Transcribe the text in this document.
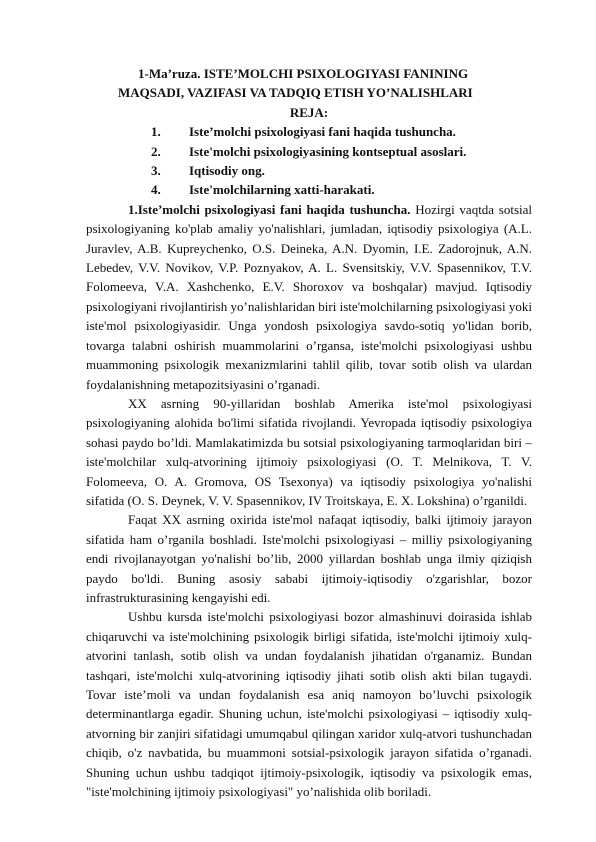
1-Ma’ruza. ISTE’MOLCHI PSIXOLOGIYASI FANINING
MAQSADI, VAZIFASI VA TADQIQ ETISH YO’NALISHLARI
REJA:
1.	Iste’molchi psixologiyasi fani haqida tushuncha.
2.	Iste'molchi psixologiyasining kontseptual asoslari.
3.	Iqtisodiy ong.
4.	Iste'molchilarning xatti-harakati.

1.Iste’molchi psixologiyasi fani haqida tushuncha. Hozirgi vaqtda sotsial psixologiyaning ko'plab amaliy yo'nalishlari, jumladan, iqtisodiy psixologiya (A.L. Juravlev, A.B. Kupreychenko, O.S. Deineka, A.N. Dyomin, I.E. Zadorojnuk, A.N. Lebedev, V.V. Novikov, V.P. Poznyakov, A. L. Svensitskiy, V.V. Spasennikov, T.V. Folomeeva, V.A. Xashchenko, E.V. Shoroxov va boshqalar) mavjud. Iqtisodiy psixologiyani rivojlantirish yo’nalishlaridan biri iste'molchilarning psixologiyasi yoki iste'mol psixologiyasidir. Unga yondosh psixologiya savdo-sotiq yo'lidan borib, tovarga talabni oshirish muammolarini o’rgansa, iste'molchi psixologiyasi ushbu muammoning psixologik mexanizmlarini tahlil qilib, tovar sotib olish va ulardan foydalanishning metapozitsiyasini o’rganadi.

XX asrning 90-yillaridan boshlab Amerika iste'mol psixologiyasi psixologiyaning alohida bo'limi sifatida rivojlandi. Yevropada iqtisodiy psixologiya sohasi paydo bo’ldi. Mamlakatimizda bu sotsial psixologiyaning tarmoqlaridan biri – iste'molchilar xulq-atvorining ijtimoiy psixologiyasi (O. T. Melnikova, T. V. Folomeeva, O. A. Gromova, OS Tsexonya) va iqtisodiy psixologiya yo'nalishi sifatida (O. S. Deynek, V. V. Spasennikov, IV Troitskaya, E. X. Lokshina) o’rganildi.

Faqat XX asrning oxirida iste'mol nafaqat iqtisodiy, balki ijtimoiy jarayon sifatida ham o’rganila boshladi. Iste'molchi psixologiyasi – milliy psixologiyaning endi rivojlanayotgan yo'nalishi bo’lib, 2000 yillardan boshlab unga ilmiy qiziqish paydo bo'ldi. Buning asosiy sababi ijtimoiy-iqtisodiy o'zgarishlar, bozor infrastrukturasining kengayishi edi.

Ushbu kursda iste'molchi psixologiyasi bozor almashinuvi doirasida ishlab chiqaruvchi va iste'molchining psixologik birligi sifatida, iste'molchi ijtimoiy xulq-atvorini tanlash, sotib olish va undan foydalanish jihatidan o'rganamiz. Bundan tashqari, iste'molchi xulq-atvorining iqtisodiy jihati sotib olish akti bilan tugaydi. Tovar iste’moli va undan foydalanish esa aniq namoyon bo’luvchi psixologik determinantlarga egadir. Shuning uchun, iste'molchi psixologiyasi – iqtisodiy xulq-atvorning bir zanjiri sifatidagi umumqabul qilingan xaridor xulq-atvori tushunchadan chiqib, o'z navbatida, bu muammoni sotsial-psixologik jarayon sifatida o’rganadi. Shuning uchun ushbu tadqiqot ijtimoiy-psixologik, iqtisodiy va psixologik emas, "iste'molchining ijtimoiy psixologiyasi" yo’nalishida olib boriladi.
